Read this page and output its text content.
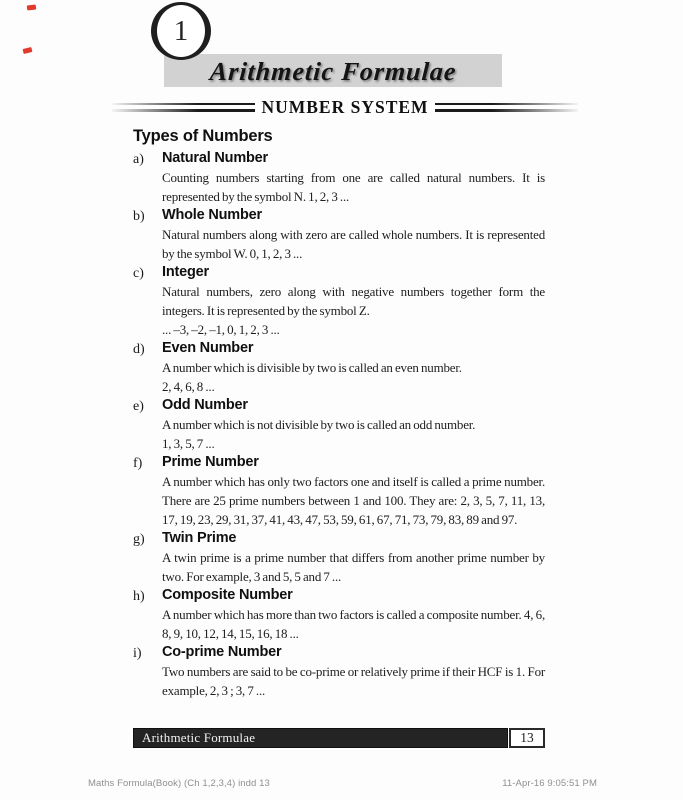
1
Arithmetic Formulae
NUMBER SYSTEM
Types of Numbers
a)	Natural Number

Counting numbers starting from one are called natural numbers. It is represented by the symbol N. 1, 2, 3 ...

b)	Whole Number

Natural numbers along with zero are called whole numbers. It is represented by the symbol W. 0, 1, 2, 3 ...

c)	Integer

Natural numbers, zero along with negative numbers together form the integers. It is represented by the symbol Z.

... –3, –2, –1, 0, 1, 2, 3 ...

d)	Even Number

A number which is divisible by two is called an even number.

2, 4, 6, 8 ...

e)	Odd Number

A number which is not divisible by two is called an odd number.

1, 3, 5, 7 ...

f)	Prime Number

A number which has only two factors one and itself is called a prime number. There are 25 prime numbers between 1 and 100. They are: 2, 3, 5, 7, 11, 13, 17, 19, 23, 29, 31, 37, 41, 43, 47, 53, 59, 61, 67, 71, 73, 79, 83, 89 and 97.

g)	Twin Prime

A twin prime is a prime number that differs from another prime number by two. For example, 3 and 5, 5 and 7 ...

h)	Composite Number

A number which has more than two factors is called a composite number. 4, 6, 8, 9, 10, 12, 14, 15, 16, 18 ...

i)	Co-prime Number

Two numbers are said to be co-prime or relatively prime if their HCF is 1. For example, 2, 3 ; 3, 7 ...

Arithmetic Formulae	13
Maths Formula(Book) (Ch 1,2,3,4) indd 13	11-Apr-16 9:05:51 PM
